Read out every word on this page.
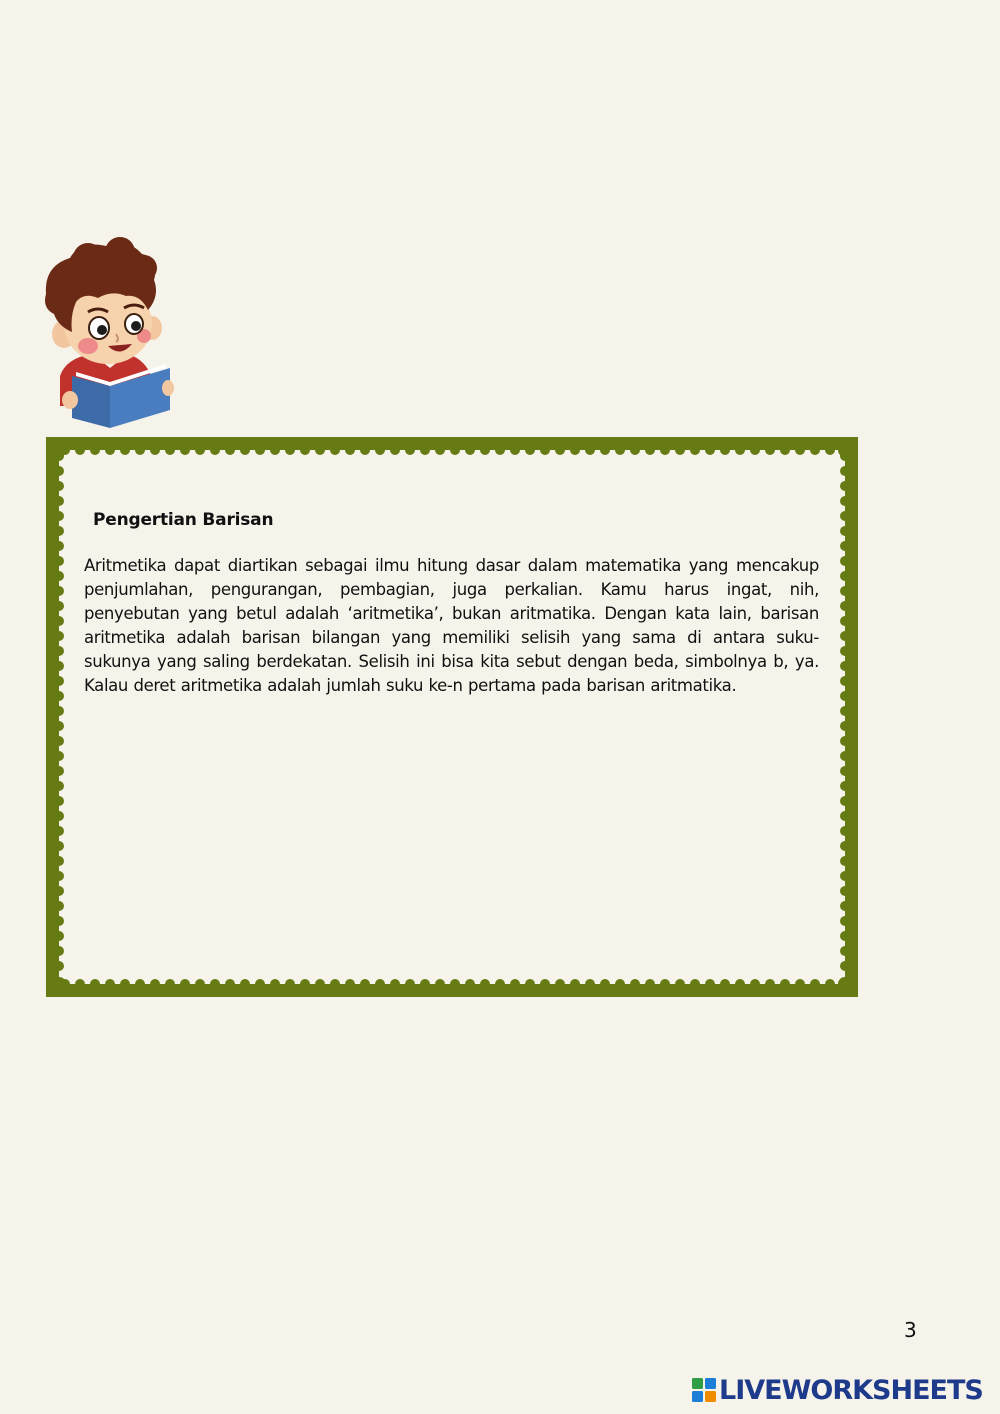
Pengertian Barisan

Aritmetika dapat diartikan sebagai ilmu hitung dasar dalam matematika yang mencakup penjumlahan, pengurangan, pembagian, juga perkalian. Kamu harus ingat, nih, penyebutan yang betul adalah ‘aritmetika’, bukan aritmatika. Dengan kata lain, barisan aritmetika adalah barisan bilangan yang memiliki selisih yang sama di antara suku-sukunya yang saling berdekatan. Selisih ini bisa kita sebut dengan beda, simbolnya b, ya. Kalau deret aritmetika adalah jumlah suku ke-n pertama pada barisan aritmatika.

3
LIVEWORKSHEETS
